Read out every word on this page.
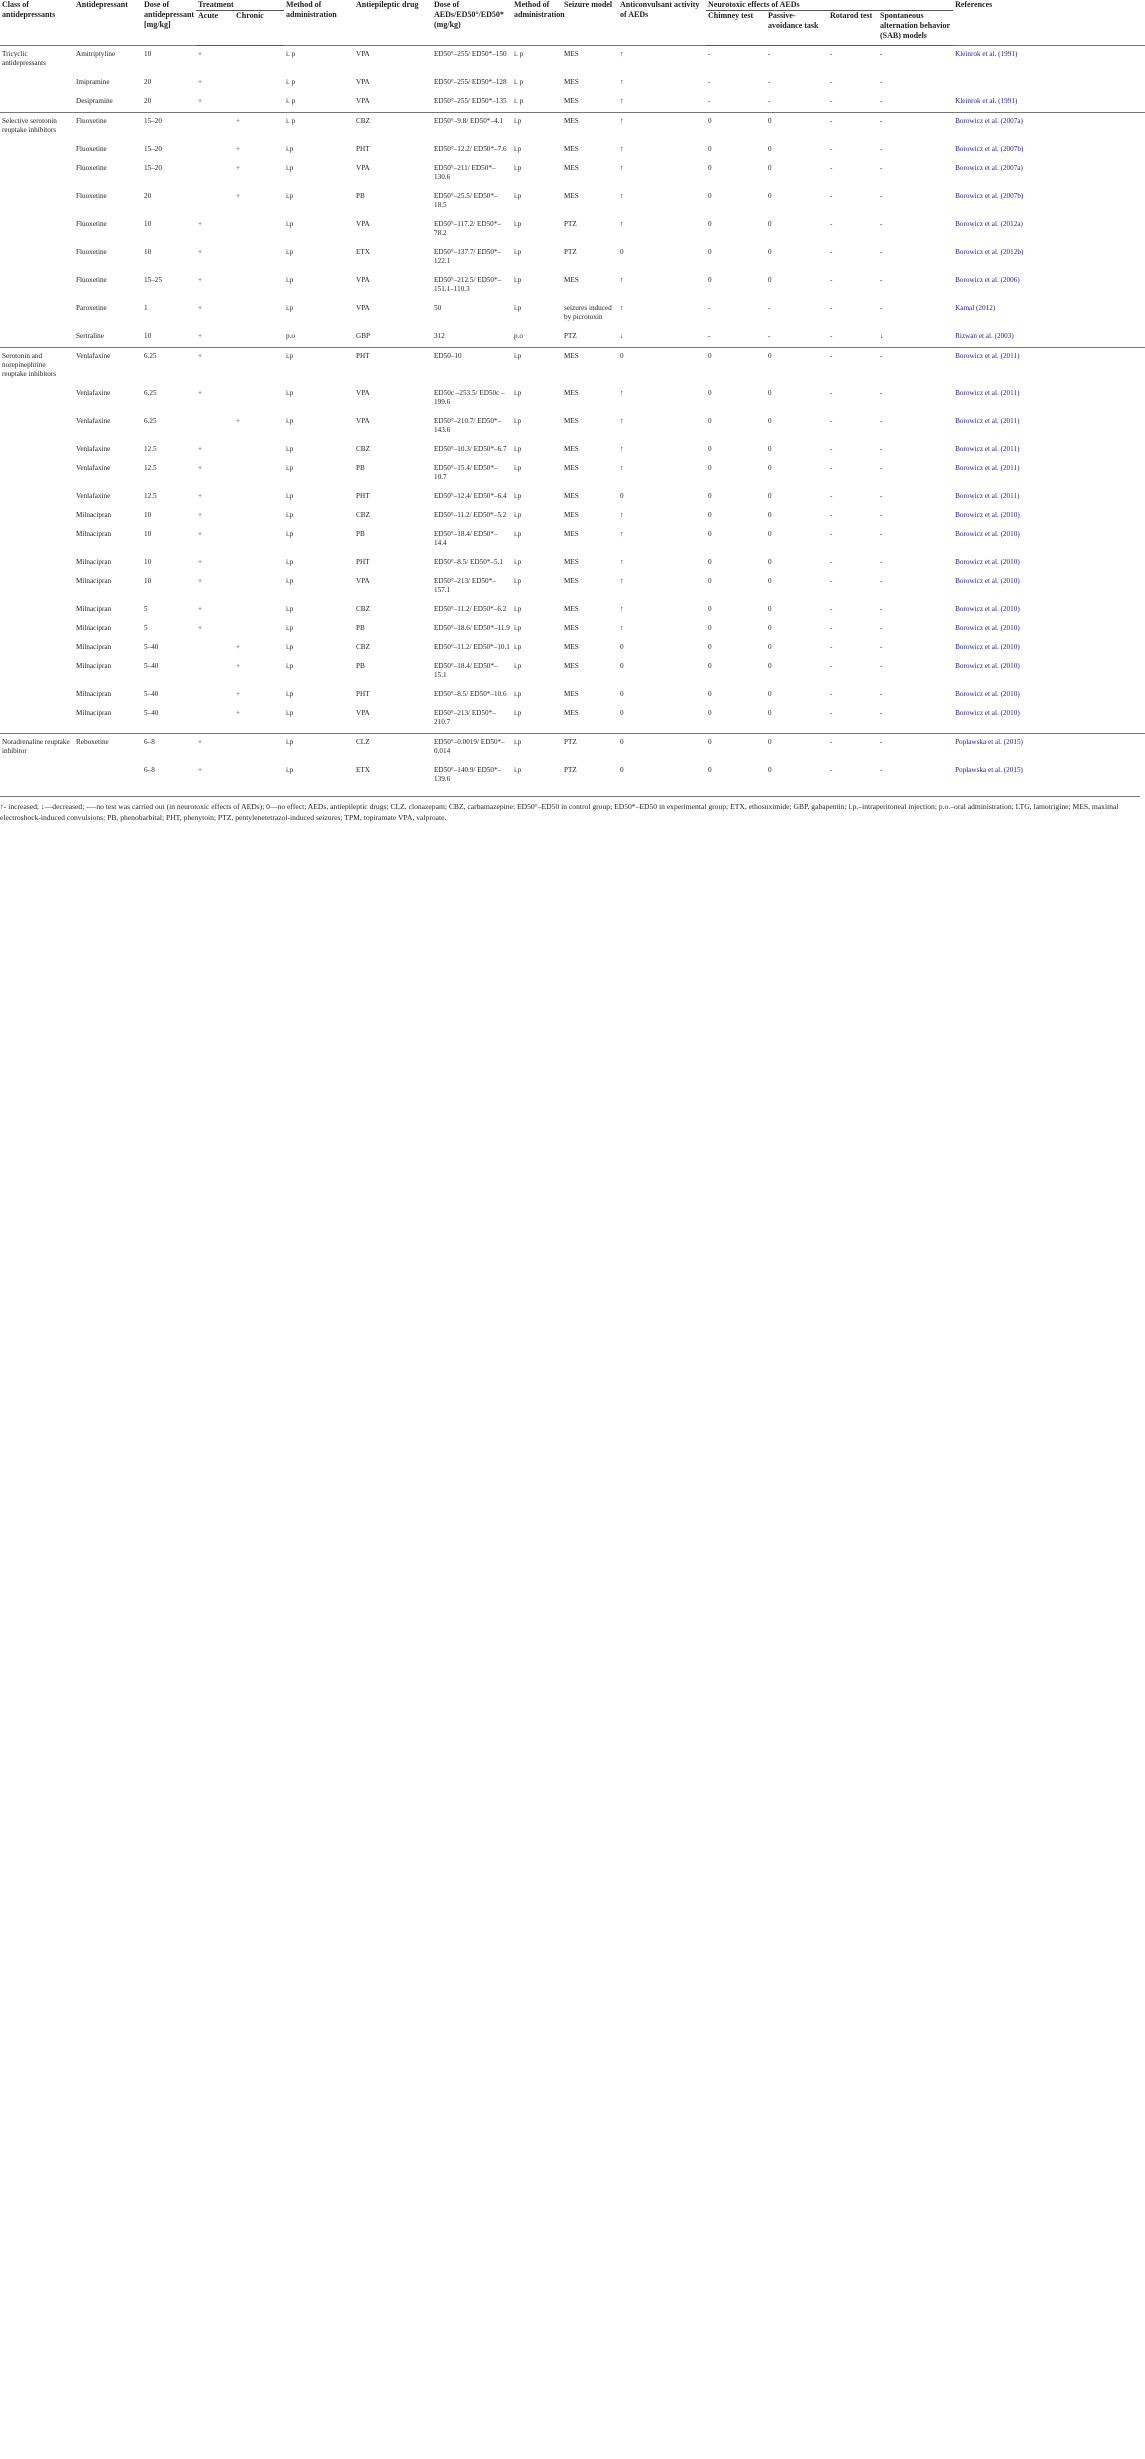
Class of antidepressants	Antidepressant	Dose of antidepressant [mg/kg]	Treatment		Method of administration	Antiepileptic drug	Dose of AEDs/ED50°/ED50* (mg/kg)	Method of administration	Seizure model	Anticonvulsant activity of AEDs	Neurotoxic effects of AEDs				References
			Acute	Chronic							Chimney test	Passive-avoidance task	Rotarod test	Spontaneous alternation behavior (SAB) models	
Tricyclic antidepressants	Amitriptyline	10	+		i. p	VPA	ED50°–255/ ED50*–150	i. p	MES	↑	-	-	-	-	Kleinrok et al. (1991)
	Imipramine	20	+		i. p	VPA	ED50°–255/ ED50*–128	i. p	MES	↑	-	-	-	-	
	Desipramine	20	+		i. p	VPA	ED50°–255/ ED50*–135	i. p	MES	↑	-	-	-	-	Kleinrok et al. (1991)
Selective serotonin reuptake inhibitors	Fluoxetine	15–20		+	i. p	CBZ	ED50°–9.8/ ED50*–4.1	i.p	MES	↑	0	0	-	-	Borowicz et al. (2007a)
	Fluoxetine	15–20		+	i.p	PHT	ED50°–12.2/ ED50*–7.6	i.p	MES	↑	0	0	-	-	Borowicz et al. (2007b)
	Fluoxetine	15–20		+	i.p	VPA	ED50°–211/ ED50*–130.6	i.p	MES	↑	0	0	-	-	Borowicz et al. (2007a)
	Fluoxetine	20		+	i.p	PB	ED50°–25.5/ ED50*–18.5	i.p	MES	↑	0	0	-	-	Borowicz et al. (2007b)
	Fluoxetine	10	+		i.p	VPA	ED50°–117.2/ ED50*–78.2	i.p	PTZ	↑	0	0	-	-	Borowicz et al. (2012a)
	Fluoxetine	10	+		i.p	ETX	ED50°–137.7/ ED50*–122.1	i.p	PTZ	0	0	0	-	-	Borowicz et al. (2012b)
	Fluoxetine	15–25	+		i.p	VPA	ED50°–212.5/ ED50*– 151.1–110.3	i.p	MES	↑	0	0	-	-	Borowicz et al. (2006)
	Paroxetine	1	+		i.p	VPA	50	i.p	seizures induced by picrotoxin	↑	-	-	-	-	Kamal (2012)
	Sertraline	10	+		p.o	GBP	312	p.o	PTZ	↓	-	-	-	↓	Rizwan et al. (2003)
Serotonin and norepinephrine reuptake inhibitors	Venlafaxine	6.25	+		i.p	PHT	ED50–10	i.p	MES	0	0	0	-	-	Borowicz et al. (2011)
	Venlafaxine	6.25	+		i.p	VPA	ED50c –253.5/ ED50c –199.6	i.p	MES	↑	0	0	-	-	Borowicz et al. (2011)
	Venlafaxine	6.25		+	i.p	VPA	ED50°–210.7/ ED50*–143.6	i.p	MES	↑	0	0	-	-	Borowicz et al. (2011)
	Venlafaxine	12.5	+		i.p	CBZ	ED50°–10.3/ ED50*–6.7	i.p	MES	↑	0	0	-	-	Borowicz et al. (2011)
	Venlafaxine	12.5	+		i.p	PB	ED50°–15.4/ ED50*–10.7	i.p	MES	↑	0	0	-	-	Borowicz et al. (2011)
	Venlafaxine	12.5	+		i.p	PHT	ED50°–12.4/ ED50*–6.4	i.p	MES	0	0	0	-	-	Borowicz et al. (2011)
	Milnacipran	10	+		i.p	CBZ	ED50°–11.2/ ED50*–5.2	i.p	MES	↑	0	0	-	-	Borowicz et al. (2010)
	Milnacipran	10	+		i.p	PB	ED50°–18.4/ ED50*–14.4	i.p	MES	↑	0	0	-	-	Borowicz et al. (2010)
	Milnacipran	10	+		i.p	PHT	ED50°–8.5/ ED50*–5.1	i.p	MES	↑	0	0	-	-	Borowicz et al. (2010)
	Milnacipran	10	+		i.p	VPA	ED50°–213/ ED50*–157.1	i.p	MES	↑	0	0	-	-	Borowicz et al. (2010)
	Milnacipran	5	+		i.p	CBZ	ED50°–11.2/ ED50*–6.2	i.p	MES	↑	0	0	-	-	Borowicz et al. (2010)
	Milnacipran	5	+		i.p	PB	ED50°–18.6/ ED50*–11.9	i.p	MES	↑	0	0	-	-	Borowicz et al. (2010)
	Milnacipran	5–40		+	i.p	CBZ	ED50°–11.2/ ED50*–10.1	i.p	MES	0	0	0	-	-	Borowicz et al. (2010)
	Milnacipran	5–40		+	i.p	PB	ED50°–18.4/ ED50*–15.1	i.p	MES	0	0	0	-	-	Borowicz et al. (2010)
	Milnacipran	5–40		+	i.p	PHT	ED50°–8.5/ ED50*–10.6	i.p	MES	0	0	0	-	-	Borowicz et al. (2010)
	Milnacipran	5–40		+	i.p	VPA	ED50°–213/ ED50*–210.7	i.p	MES	0	0	0	-	-	Borowicz et al. (2010)
Noradrenaline reuptake inhibitor	Reboxetine	6–8	+		i.p	CLZ	ED50°–0.0019/ ED50*–0.014	i.p	PTZ	0	0	0	-	-	Popławska et al. (2015)
		6–8	+		i.p	ETX	ED50°–140.9/ ED50*–139.6	i.p	PTZ	0	0	0	-	-	Popławska et al. (2015)
↑- increased; ↓—decreased; -—no test was carried out (in neurotoxic effects of AEDs); 0—no effect; AEDs, antiepileptic drugs; CLZ, clonazepam; CBZ, carbamazepine; ED50°–ED50 in control group; ED50*–ED50 in experimental group; ETX, ethosuximide; GBP, gabapentin; i.p.–intraperitoneal injection; p.o.–oral administration; LTG, lamotrigine; MES, maximal electroshock-induced convulsions; PB, phenobarbital; PHT, phenytoin; PTZ, pentylenetetrazol-induced seizures; TPM, topiramate VPA, valproate.
